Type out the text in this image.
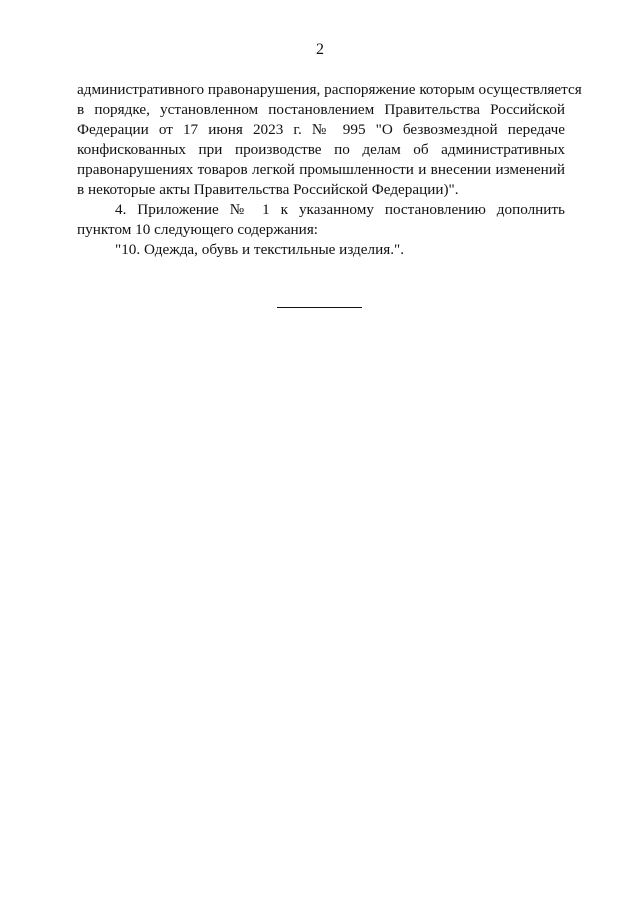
2
административного правонарушения, распоряжение которым осуществляется
в порядке, установленном постановлением Правительства Российской
Федерации от 17 июня 2023 г. № 995 "О безвозмездной передаче
конфискованных при производстве по делам об административных
правонарушениях товаров легкой промышленности и внесении изменений
в некоторые акты Правительства Российской Федерации)".
4. Приложение № 1 к указанному постановлению дополнить
пунктом 10 следующего содержания:
"10. Одежда, обувь и текстильные изделия.".
